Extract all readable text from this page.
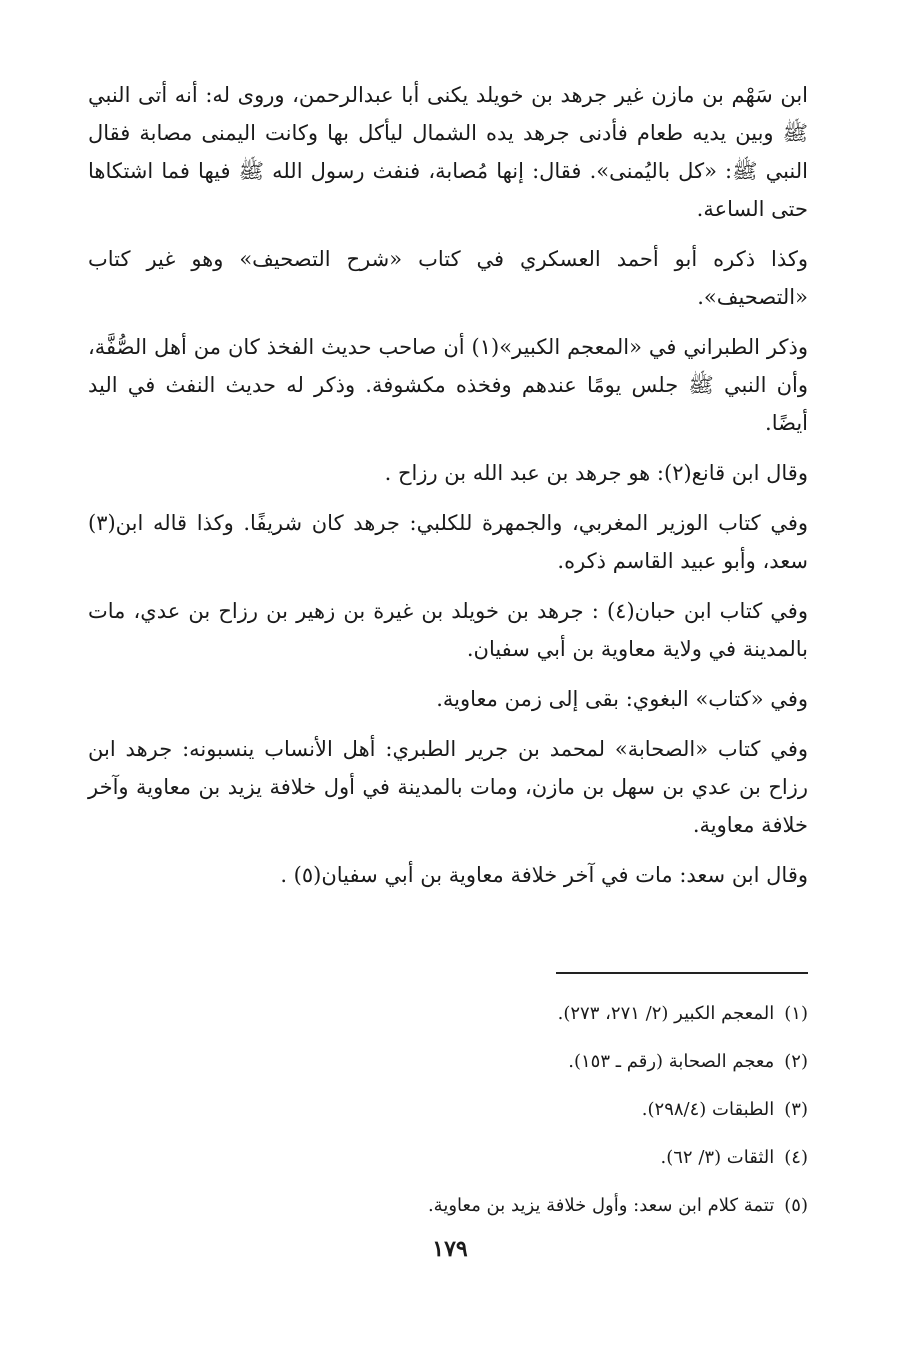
ابن سَهْم بن مازن غير جرهد بن خويلد يكنى أبا عبدالرحمن، وروى له: أنه أتى النبي ﷺ وبين يديه طعام فأدنى جرهد يده الشمال ليأكل بها وكانت اليمنى مصابة فقال النبي ﷺ: «كل باليُمنى». فقال: إنها مُصابة، فنفث رسول الله ﷺ فيها فما اشتكاها حتى الساعة.

وكذا ذكره أبو أحمد العسكري في كتاب «شرح التصحيف» وهو غير كتاب «التصحيف».

وذكر الطبراني في «المعجم الكبير»(١) أن صاحب حديث الفخذ كان من أهل الصُّفَّة، وأن النبي ﷺ جلس يومًا عندهم وفخذه مكشوفة. وذكر له حديث النفث في اليد أيضًا.

وقال ابن قانع(٢): هو جرهد بن عبد الله بن رزاح .

وفي كتاب الوزير المغربي، والجمهرة للكلبي: جرهد كان شريفًا. وكذا قاله ابن(٣) سعد، وأبو عبيد القاسم ذكره.

وفي كتاب ابن حبان(٤) : جرهد بن خويلد بن غيرة بن زهير بن رزاح بن عدي، مات بالمدينة في ولاية معاوية بن أبي سفيان.

وفي «كتاب» البغوي: بقى إلى زمن معاوية.

وفي كتاب «الصحابة» لمحمد بن جرير الطبري: أهل الأنساب ينسبونه: جرهد ابن رزاح بن عدي بن سهل بن مازن، ومات بالمدينة في أول خلافة يزيد بن معاوية وآخر خلافة معاوية.

وقال ابن سعد: مات في آخر خلافة معاوية بن أبي سفيان(٥) .

(١)المعجم الكبير (٢/ ٢٧١، ٢٧٣).

(٢)معجم الصحابة (رقم ـ ١٥٣).

(٣)الطبقات (٢٩٨/٤).

(٤)الثقات (٣/ ٦٢).

(٥)تتمة كلام ابن سعد: وأول خلافة يزيد بن معاوية.

١٧٩
